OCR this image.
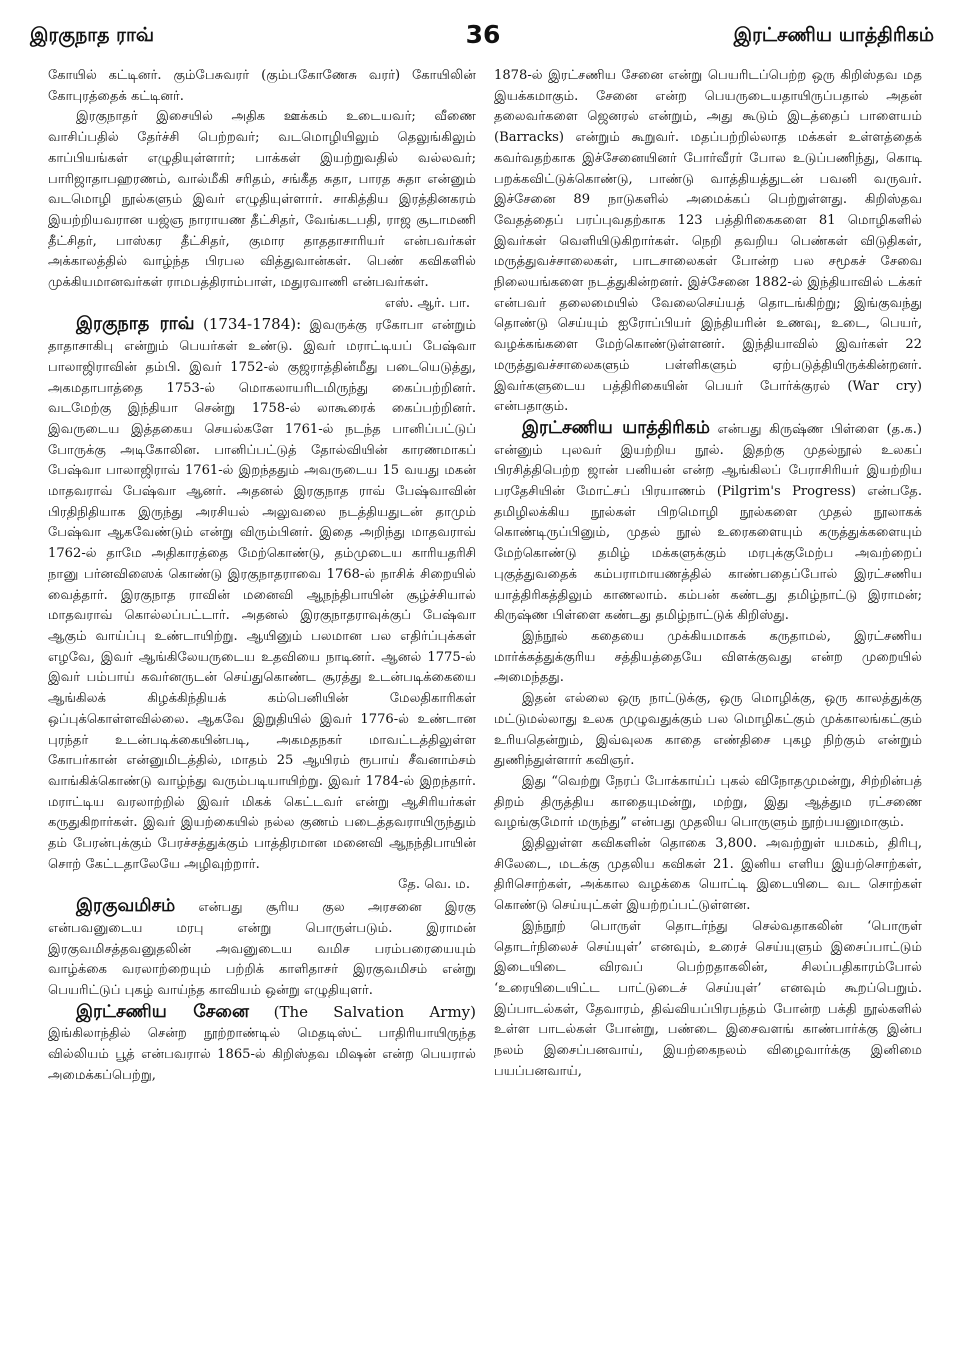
இரகுநாத ராவ்	36	இரட்சணிய யாத்திரிகம்

கோயில் கட்டினர். கும்பேசுவரர் (கும்பகோணேசு வரர்) கோயிலின் கோபுரத்தைக் கட்டினர்.

இரகுநாதர் இசையில் அதிக ஊக்கம் உடையவர்; வீணை வாசிப்பதில் தேர்ச்சி பெற்றவர்; வடமொழியிலும் தெலுங்கிலும் காப்பியங்கள் எழுதியுள்ளார்; பாக்கள் இயற்றுவதில் வல்லவர்; பாரிஜாதாபஹரணம், வால்மீகி சரிதம், சங்கீத சுதா, பாரத சுதா என்னும் வடமொழி நூல்களும் இவர் எழுதியுள்ளார். சாகித்திய இரத்தினகரம் இயற்றியவரான யஜ்ஞ நாராயண தீட்சிதர், வேங்கடபதி, ராஜ சூடாமணி தீட்சிதர், பாஸ்கர தீட்சிதர், குமார தாததாசாரியர் என்பவர்கள் அக்காலத்தில் வாழ்ந்த பிரபல வித்துவான்கள். பெண் கவிகளில் முக்கியமானவர்கள் ராமபத்திராம்பாள், மதுரவாணி என்பவர்கள்.

எஸ். ஆர். பா.

இரகுநாத ராவ் (1734-1784): இவருக்கு ரகோபா என்றும் தாதாசாகிபு என்றும் பெயர்கள் உண்டு. இவர் மராட்டியப் பேஷ்வா பாலாஜிராவின் தம்பி. இவர் 1752-ல் குஜராத்தின்மீது படையெடுத்து, அகமதாபாத்தை 1753-ல் மொகலாயரிடமிருந்து கைப்பற்றினர். வடமேற்கு இந்தியா சென்று 1758-ல் லாகூரைக் கைப்பற்றினர். இவருடைய இத்தகைய செயல்களே 1761-ல் நடந்த பானிப்பட்டுப் போருக்கு அடிகோலின. பானிப்பட்டுத் தோல்வியின் காரணமாகப் பேஷ்வா பாலாஜிராவ் 1761-ல் இறந்ததும் அவருடைய 15 வயது மகன் மாதவராவ் பேஷ்வா ஆனர். அதனல் இரகுநாத ராவ் பேஷ்வாவின் பிரதிநிதியாக இருந்து அரசியல் அலுவலை நடத்தியதுடன் தாமும் பேஷ்வா ஆகவேண்டும் என்று விரும்பினர். இதை அறிந்து மாதவராவ் 1762-ல் தாமே அதிகாரத்தை மேற்கொண்டு, தம்முடைய காரியதரிசி நானு பர்னவிஸைக் கொண்டு இரகுநாதராவை 1768-ல் நாசிக் சிறையில் வைத்தார். இரகுநாத ராவின் மனைவி ஆநந்திபாயின் சூழ்ச்சியால் மாதவராவ் கொல்லப்பட்டார். அதனல் இரகுநாதராவுக்குப் பேஷ்வா ஆகும் வாய்ப்பு உண்டாயிற்று. ஆயினும் பலமான பல எதிர்ப்புக்கள் எழவே, இவர் ஆங்கிலேயருடைய உதவியை நாடினர். ஆனல் 1775-ல் இவர் பம்பாய் கவர்னருடன் செய்துகொண்ட சூரத்து உடன்படிக்கையை ஆங்கிலக் கிழக்கிந்தியக் கம்பெனியின் மேலதிகாரிகள் ஒப்புக்கொள்ளவில்லை. ஆகவே இறுதியில் இவர் 1776-ல் உண்டான புரந்தர் உடன்படிக்கையின்படி, அகமதநகர் மாவட்டத்திலுள்ள கோபர்கான் என்னுமிடத்தில், மாதம் 25 ஆயிரம் ரூபாய் சீவனாம்சம் வாங்கிக்கொண்டு வாழ்ந்து வரும்படியாயிற்று. இவர் 1784-ல் இறந்தார். மராட்டிய வரலாற்றில் இவர் மிகக் கெட்டவர் என்று ஆசிரியர்கள் கருதுகிறார்கள். இவர் இயற்கையில் நல்ல குணம் படைத்தவராயிருந்தும் தம் பேரன்புக்கும் பேரச்சத்துக்கும் பாத்திரமான மனைவி ஆநந்திபாயின் சொற் கேட்டதாலேயே அழிவுற்றார்.

தே. வெ. ம.

இரகுவமிசம் என்பது சூரிய குல அரசனை இரகு என்பவனுடைய மரபு என்று பொருள்படும். இராமன் இரகுவமிசத்தவனுதலின் அவனுடைய வமிச பரம்பரையையும் வாழ்க்கை வரலாற்றையும் பற்றிக் காளிதாசர் இரகுவமிசம் என்று பெயரிட்டுப் புகழ் வாய்ந்த காவியம் ஒன்று எழுதியுளர்.

இரட்சணிய சேனை (The Salvation Army) இங்கிலாந்தில் சென்ற நூற்றாண்டில் மெதடிஸ்ட் பாதிரியாயிருந்த வில்லியம் பூத் என்பவரால் 1865-ல் கிறிஸ்தவ மிஷன் என்ற பெயரால் அமைக்கப்பெற்று,

1878-ல் இரட்சணிய சேனை என்று பெயரிடப்பெற்ற ஒரு கிறிஸ்தவ மத இயக்கமாகும். சேனை என்ற பெயருடையதாயிருப்பதால் அதன் தலைவர்களை ஜெனரல் என்றும், அது கூடும் இடத்தைப் பாளையம் (Barracks) என்றும் கூறுவர். மதப்பற்றில்லாத மக்கள் உள்ளத்தைக் கவர்வதற்காக இச்சேனையினர் போர்வீரர் போல உடுப்பணிந்து, கொடி பறக்கவிட்டுக்கொண்டு, பாண்டு வாத்தியத்துடன் பவனி வருவர். இச்சேனை 89 நாடுகளில் அமைக்கப் பெற்றுள்ளது. கிறிஸ்தவ வேதத்தைப் பரப்புவதற்காக 123 பத்திரிகைகளை 81 மொழிகளில் இவர்கள் வெளியிடுகிறார்கள். நெறி தவறிய பெண்கள் விடுதிகள், மருத்துவச்சாலைகள், பாடசாலைகள் போன்ற பல சமூகச் சேவை நிலையங்களை நடத்துகின்றனர். இச்சேனை 1882-ல் இந்தியாவில் டக்கர் என்பவர் தலைமையில் வேலைசெய்யத் தொடங்கிற்று; இங்குவந்து தொண்டு செய்யும் ஐரோப்பியர் இந்தியரின் உணவு, உடை, பெயர், வழக்கங்களை மேற்கொண்டுள்ளனர். இந்தியாவில் இவர்கள் 22 மருத்துவச்சாலைகளும் பள்ளிகளும் ஏற்படுத்தியிருக்கின்றனர். இவர்களுடைய பத்திரிகையின் பெயர் போர்க்குரல் (War cry) என்பதாகும்.

இரட்சணிய யாத்திரிகம் என்பது கிருஷ்ண பிள்ளை (த.க.) என்னும் புலவர் இயற்றிய நூல். இதற்கு முதல்நூல் உலகப் பிரசித்திபெற்ற ஜான் பனியன் என்ற ஆங்கிலப் பேராசிரியர் இயற்றிய பரதேசியின் மோட்சப் பிரயாணம் (Pilgrim's Progress) என்பதே. தமிழிலக்கிய நூல்கள் பிறமொழி நூல்களை முதல் நூலாகக் கொண்டிருப்பினும், முதல் நூல் உரைகளையும் கருத்துக்களையும் மேற்கொண்டு தமிழ் மக்களுக்கும் மரபுக்குமேற்ப அவற்றைப் புகுத்துவதைக் கம்பராமாயணத்தில் காண்பதைப்போல் இரட்சணிய யாத்திரிகத்திலும் காணலாம். கம்பன் கண்டது தமிழ்நாட்டு இராமன்; கிருஷ்ண பிள்ளை கண்டது தமிழ்நாட்டுக் கிறிஸ்து.

இந்நூல் கதையை முக்கியமாகக் கருதாமல், இரட்சணிய மார்க்கத்துக்குரிய சத்தியத்தையே விளக்குவது என்ற முறையில் அமைந்தது.

இதன் எல்லை ஒரு நாட்டுக்கு, ஒரு மொழிக்கு, ஒரு காலத்துக்கு மட்டுமல்லாது உலக முழுவதுக்கும் பல மொழிகட்கும் முக்காலங்கட்கும் உரியதென்றும், இவ்வுலக காதை எண்திசை புகழ நிற்கும் என்றும் துணிந்துள்ளார் கவிஞர்.

இது “வெற்று நேரப் போக்காய்ப் புகல் விநோதமுமன்று, சிற்றின்பத் திறம் திருத்திய காதையுமன்று, மற்று, இது ஆத்தும ரட்சணை வழங்குமோர் மருந்து” என்பது முதலிய பொருளும் நூற்பயனுமாகும்.

இதிலுள்ள கவிகளின் தொகை 3,800. அவற்றுள் யமகம், திரிபு, சிலேடை, மடக்கு முதலிய கவிகள் 21. இனிய எளிய இயற்சொற்கள், திரிசொற்கள், அக்கால வழக்கை யொட்டி இடையிடை வட சொற்கள் கொண்டு செய்யுட்கள் இயற்றப்பட்டுள்ளன.

இந்நூற் பொருள் தொடர்ந்து செல்வதாகலின் ‘பொருள் தொடர்நிலைச் செய்யுள்’ எனவும், உரைச் செய்யுளும் இசைப்பாட்டும் இடையிடை விரவப் பெற்றதாகலின், சிலப்பதிகாரம்போல் ‘உரையிடையிட்ட பாட்டுடைச் செய்யுள்’ எனவும் கூறப்பெறும். இப்பாடல்கள், தேவாரம், திவ்வியப்பிரபந்தம் போன்ற பக்தி நூல்களில் உள்ள பாடல்கள் போன்று, பண்டை இசைவளங் காண்பார்க்கு இன்ப நலம் இசைப்பனவாய், இயற்கைநலம் விழைவார்க்கு இனிமை பயப்பனவாய்,
